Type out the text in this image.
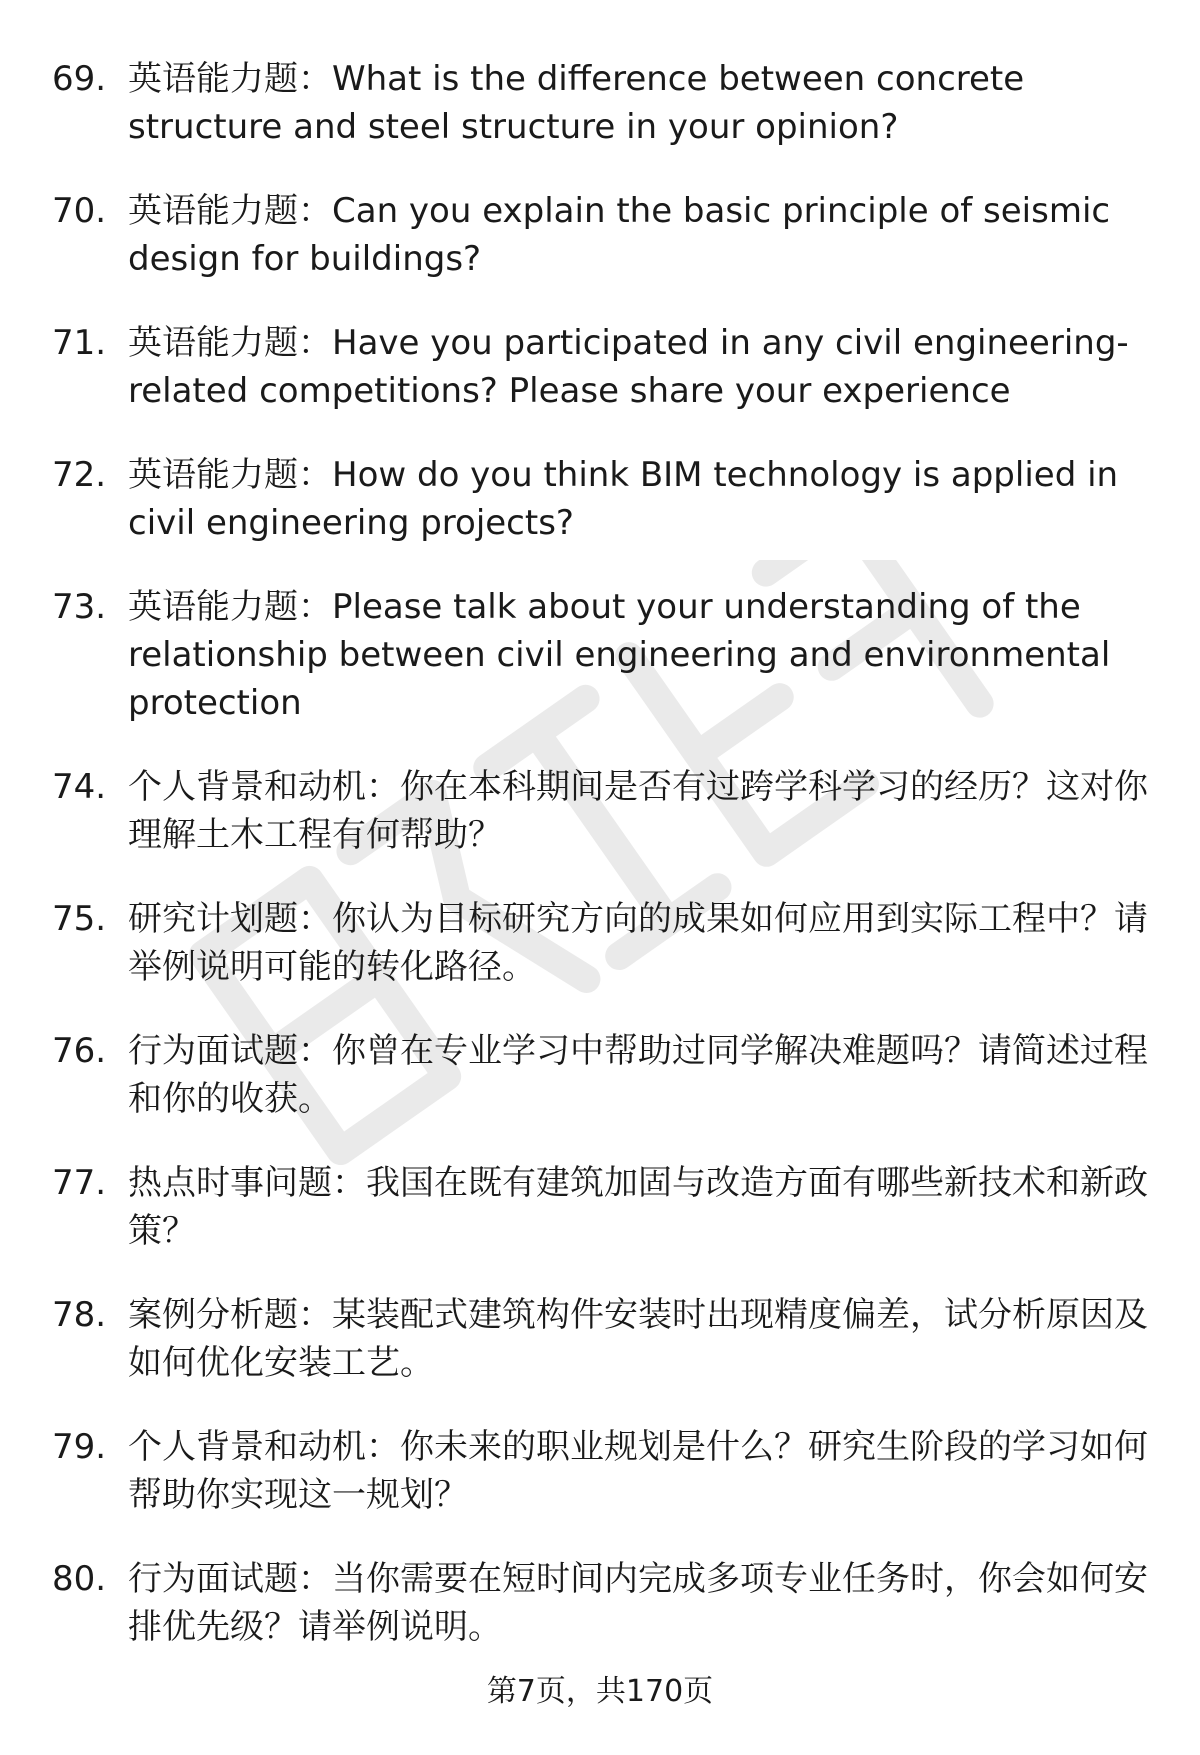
69. 英语能力题：What is the difference between concrete structure and steel structure in your opinion?
70. 英语能力题：Can you explain the basic principle of seismic design for buildings?
71. 英语能力题：Have you participated in any civil engineering-related competitions? Please share your experience
72. 英语能力题：How do you think BIM technology is applied in civil engineering projects?
73. 英语能力题：Please talk about your understanding of the relationship between civil engineering and environmental protection
74. 个人背景和动机：你在本科期间是否有过跨学科学习的经历？这对你理解土木工程有何帮助？
75. 研究计划题：你认为目标研究方向的成果如何应用到实际工程中？请举例说明可能的转化路径。
76. 行为面试题：你曾在专业学习中帮助过同学解决难题吗？请简述过程和你的收获。
77. 热点时事问题：我国在既有建筑加固与改造方面有哪些新技术和新政策？
78. 案例分析题：某装配式建筑构件安装时出现精度偏差，试分析原因及如何优化安装工艺。
79. 个人背景和动机：你未来的职业规划是什么？研究生阶段的学习如何帮助你实现这一规划？
80. 行为面试题：当你需要在短时间内完成多项专业任务时，你会如何安排优先级？请举例说明。
第7页，共170页
